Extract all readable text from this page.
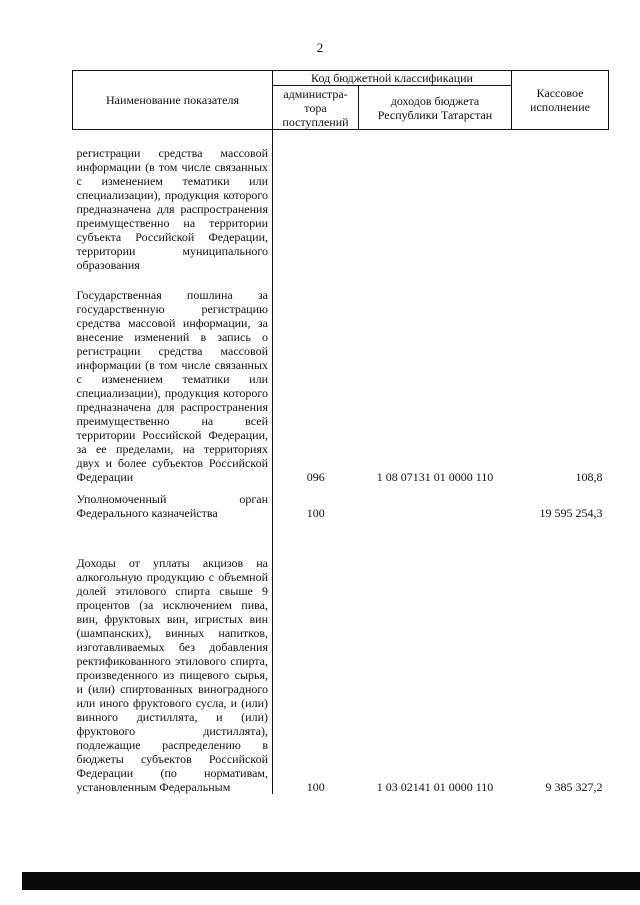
2
Наименование показателя	Код бюджетной классификации		Кассовое исполнение
	администра-тора поступлений	доходов бюджета Республики Татарстан	
регистрации средства массовой информации (в том числе связанных с изменением тематики или специализации), продукция которого предназначена для распространения преимущественно на территории субъекта Российской Федерации, территории муниципального образования			
Государственная пошлина за государственную регистрацию средства массовой информации, за внесение изменений в запись о регистрации средства массовой информации (в том числе связанных с изменением тематики или специализации), продукция которого предназначена для распространения преимущественно на всей территории Российской Федерации, за ее пределами, на территориях двух и более субъектов Российской Федерации	096	1 08 07131 01 0000 110	108,8
Уполномоченный орган Федерального казначейства	100		19 595 254,3
Доходы от уплаты акцизов на алкогольную продукцию с объемной долей этилового спирта свыше 9 процентов (за исключением пива, вин, фруктовых вин, игристых вин (шампанских), винных напитков, изготавливаемых без добавления ректификованного этилового спирта, произведенного из пищевого сырья, и (или) спиртованных виноградного или иного фруктового сусла, и (или) винного дистиллята, и (или) фруктового дистиллята), подлежащие распределению в бюджеты субъектов Российской Федерации (по нормативам, установленным Федеральным	100	1 03 02141 01 0000 110	9 385 327,2
